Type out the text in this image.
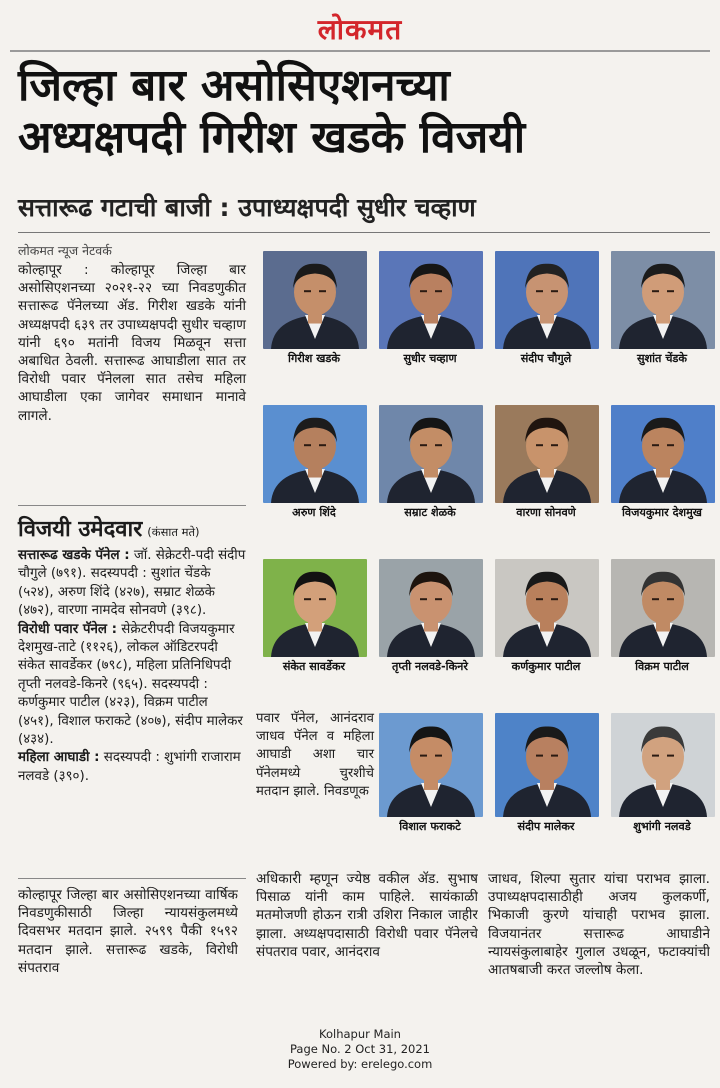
लोकमत
जिल्हा बार असोसिएशनच्या
अध्यक्षपदी गिरीश खडके विजयी
सत्तारूढ गटाची बाजी : उपाध्यक्षपदी सुधीर चव्हाण
लोकमत न्यूज नेटवर्क
कोल्हापूर : कोल्हापूर जिल्हा बार असोसिएशनच्या २०२१-२२ च्या निवडणुकीत सत्तारूढ पॅनेलच्या ॲड. गिरीश खडके यांनी अध्यक्षपदी ६३९ तर उपाध्यक्षपदी सुधीर चव्हाण यांनी ६९० मतांनी विजय मिळवून सत्ता अबाधित ठेवली. सत्तारूढ आघाडीला सात तर विरोधी पवार पॅनेलला सात तसेच महिला आघाडीला एका जागेवर समाधान मानावे लागले.
विजयी उमेदवार (कंसात मते)

सत्तारूढ खडके पॅनेल : जॉ. सेक्रेटरी-पदी संदीप चौगुले (७९१). सदस्यपदी : सुशांत चेंडके (५२४), अरुण शिंदे (४२७), सम्राट शेळके (४७२), वारणा नामदेव सोनवणे (३९८).

विरोधी पवार पॅनेल : सेक्रेटरीपदी विजयकुमार देशमुख-ताटे (११२६), लोकल ऑडिटरपदी संकेत सावर्डेकर (७९८), महिला प्रतिनिधिपदी तृप्ती नलवडे-किनरे (९६५). सदस्यपदी : कर्णकुमार पाटील (४२३), विक्रम पाटील (४५१), विशाल फराकटे (४०७), संदीप मालेकर (४३४).

महिला आघाडी : सदस्यपदी : शुभांगी राजाराम नलवडे (३९०).

गिरीश खडके	सुधीर चव्हाण	संदीप चौगुले	सुशांत चेंडके
अरुण शिंदे	सम्राट शेळके	वारणा सोनवणे	विजयकुमार देशमुख
संकेत सावर्डेकर	तृप्ती नलवडे-किनरे	कर्णकुमार पाटील	विक्रम पाटील
विशाल फराकटे	संदीप मालेकर	शुभांगी नलवडे
पवार पॅनेल, आनंदराव जाधव पॅनेल व महिला आघाडी अशा चार पॅनेलमध्ये चुरशीचे मतदान झाले. निवडणूक
कोल्हापूर जिल्हा बार असोसिएशनच्या वार्षिक निवडणुकीसाठी जिल्हा न्यायसंकुलमध्ये दिवसभर मतदान झाले. २५९९ पैकी १५९२ मतदान झाले. सत्तारूढ खडके, विरोधी संपतराव
अधिकारी म्हणून ज्येष्ठ वकील ॲड. सुभाष पिसाळ यांनी काम पाहिले. सायंकाळी मतमोजणी होऊन रात्री उशिरा निकाल जाहीर झाला. अध्यक्षपदासाठी विरोधी पवार पॅनेलचे संपतराव पवार, आनंदराव
जाधव, शिल्पा सुतार यांचा पराभव झाला. उपाध्यक्षपदासाठीही अजय कुलकर्णी, भिकाजी कुरणे यांचाही पराभव झाला. विजयानंतर सत्तारूढ आघाडीने न्यायसंकुलाबाहेर गुलाल उधळून, फटाक्यांची आतषबाजी करत जल्लोष केला.
Kolhapur Main
Page No. 2 Oct 31, 2021
Powered by: erelego.com
